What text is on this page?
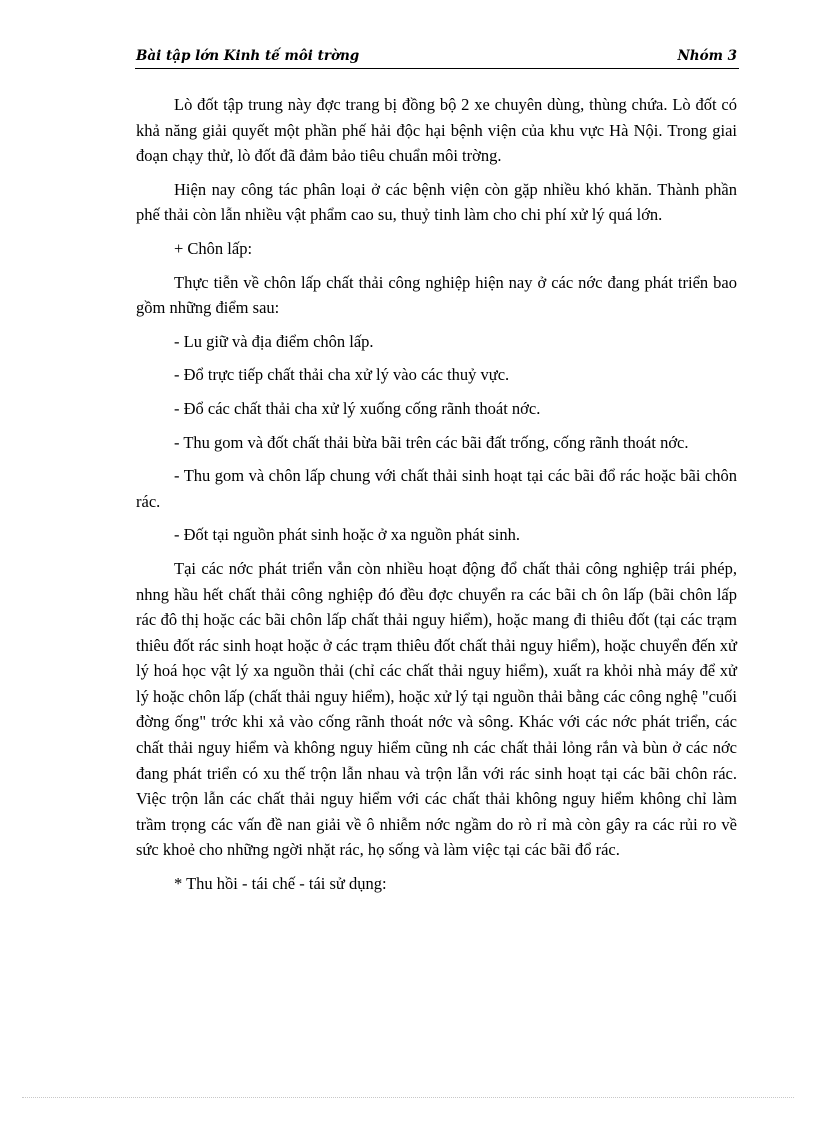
Bài tập lớn Kinh tế môi trờng	Nhóm 3

Lò đốt tập trung này đợc trang bị đồng bộ 2 xe chuyên dùng, thùng chứa. Lò đốt có khả năng giải quyết một phần phế hải độc hại bệnh viện của khu vực Hà Nội. Trong giai đoạn chạy thử, lò đốt đã đảm bảo tiêu chuẩn môi trờng.

Hiện nay công tác phân loại ở các bệnh viện còn gặp nhiều khó khăn. Thành phần phế thải còn lẫn nhiều vật phẩm cao su, thuỷ tinh làm cho chi phí xử lý quá lớn.

+ Chôn lấp:

Thực tiễn về chôn lấp chất thải công nghiệp hiện nay ở các nớc đang phát triển bao gồm những điểm sau:

- Lu giữ và địa điểm chôn lấp.

- Đổ trực tiếp chất thải cha xử lý vào các thuỷ vực.

- Đổ các chất thải cha xử lý xuống cống rãnh thoát nớc.

- Thu gom và đốt chất thải bừa bãi trên các bãi đất trống, cống rãnh thoát nớc.

- Thu gom và chôn lấp chung với chất thải sinh hoạt tại các bãi đổ rác hoặc bãi chôn rác.

- Đốt tại nguồn phát sinh hoặc ở xa nguồn phát sinh.

Tại các nớc phát triển vẫn còn nhiều hoạt động đổ chất thải công nghiệp trái phép, nhng hầu hết chất thải công nghiệp đó đều đợc chuyển ra các bãi ch ôn lấp (bãi chôn lấp rác đô thị hoặc các bãi chôn lấp chất thải nguy hiểm), hoặc mang đi thiêu đốt (tại các trạm thiêu đốt rác sinh hoạt hoặc ở các trạm thiêu đốt chất thải nguy hiểm), hoặc chuyển đến xử lý hoá học vật lý xa nguồn thải (chỉ các chất thải nguy hiểm), xuất ra khỏi nhà máy để xử lý hoặc chôn lấp (chất thải nguy hiểm), hoặc xử lý tại nguồn thải bằng các công nghệ "cuối đờng ống" trớc khi xả vào cống rãnh thoát nớc và sông. Khác với các nớc phát triển, các chất thải nguy hiểm và không nguy hiểm cũng nh các chất thải lỏng rắn và bùn ở các nớc đang phát triển có xu thế trộn lẫn nhau và trộn lẫn với rác sinh hoạt tại các bãi chôn rác. Việc trộn lẫn các chất thải nguy hiểm với các chất thải không nguy hiểm không chỉ làm trầm trọng các vấn đề nan giải về ô nhiễm nớc ngầm do rò rỉ mà còn gây ra các rủi ro về sức khoẻ cho những ngời nhặt rác, họ sống và làm việc tại các bãi đổ rác.

* Thu hồi - tái chế - tái sử dụng:
